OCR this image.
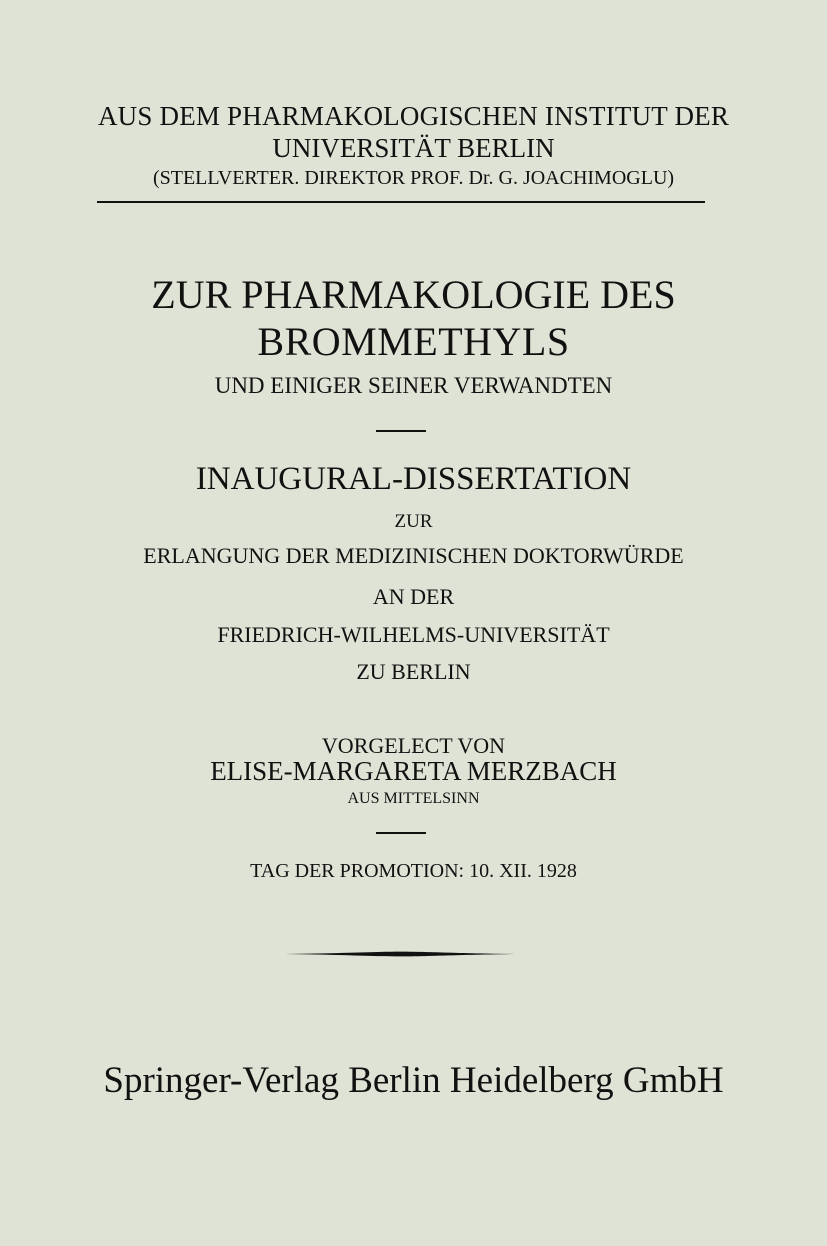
AUS DEM PHARMAKOLOGISCHEN INSTITUT DER

UNIVERSITÄT BERLIN

(STELLVERTER. DIREKTOR PROF. Dr. G. JOACHIMOGLU)

ZUR PHARMAKOLOGIE DES

BROMMETHYLS

UND EINIGER SEINER VERWANDTEN

INAUGURAL-DISSERTATION

ZUR

ERLANGUNG DER MEDIZINISCHEN DOKTORWÜRDE

AN DER

FRIEDRICH-WILHELMS-UNIVERSITÄT

ZU BERLIN

VORGELECT VON

ELISE-MARGARETA MERZBACH

AUS MITTELSINN

TAG DER PROMOTION: 10. XII. 1928

Springer-Verlag Berlin Heidelberg GmbH
